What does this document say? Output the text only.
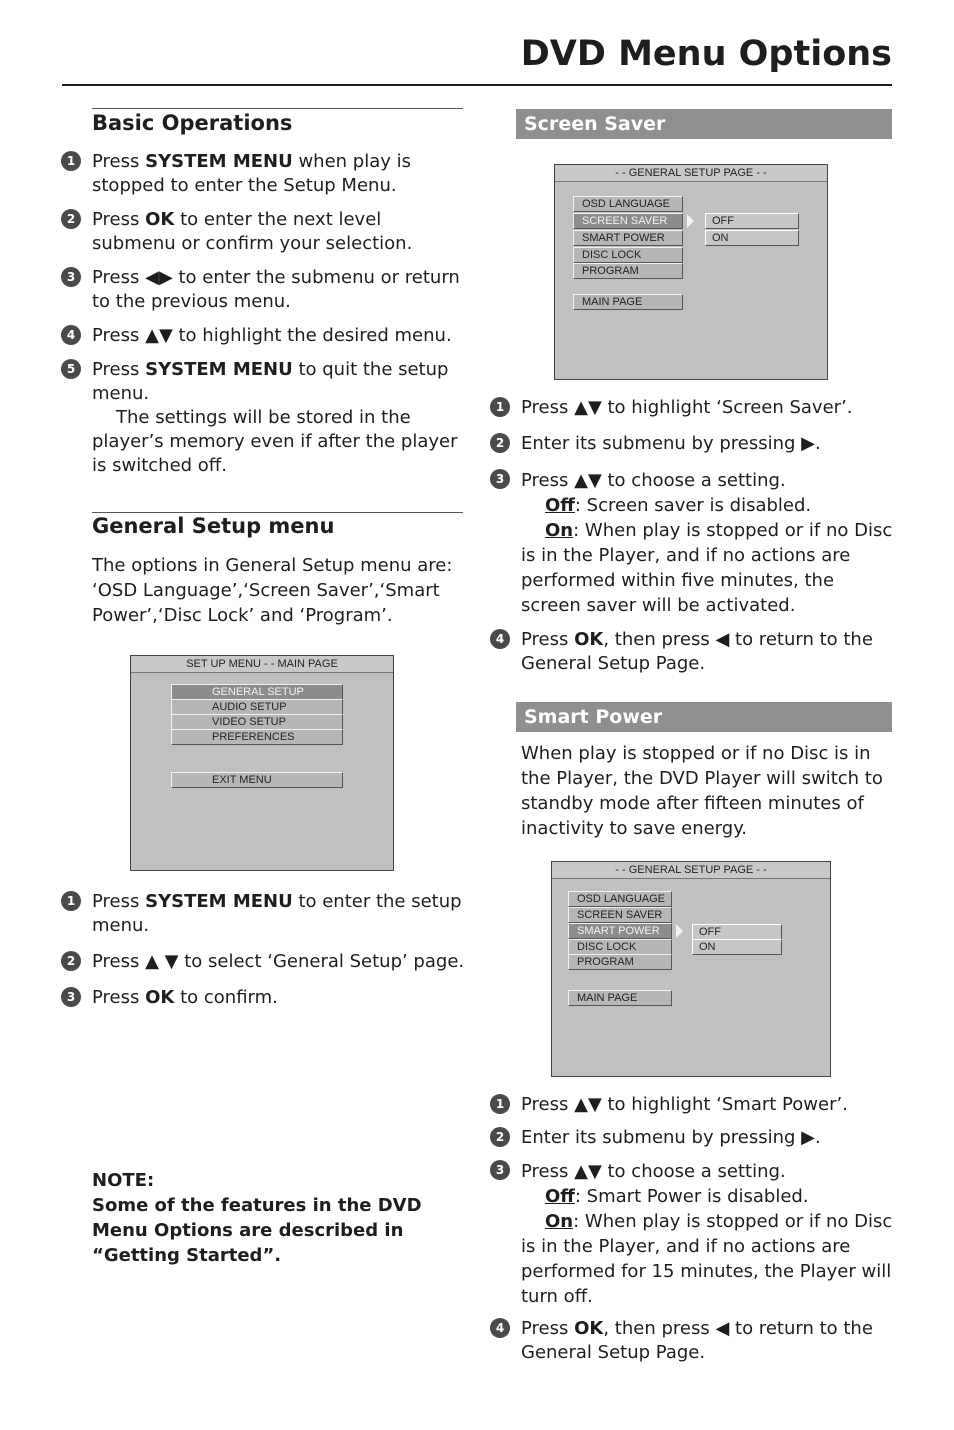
DVD Menu Options
Basic Operations
1 Press SYSTEM MENU when play is stopped to enter the Setup Menu.

2 Press OK to enter the next level submenu or confirm your selection.

3 Press ◀▶ to enter the submenu or return to the previous menu.

4 Press ▲▼ to highlight the desired menu.

5 Press SYSTEM MENU to quit the setup menu.

The settings will be stored in the player’s memory even if after the player is switched off.

General Setup menu

The options in General Setup menu are: ‘OSD Language’,‘Screen Saver’,‘Smart Power’,‘Disc Lock’ and ‘Program’.

SET UP MENU - - MAIN PAGE
GENERAL SETUP
AUDIO SETUP
VIDEO SETUP
PREFERENCES
EXIT MENU
1 Press SYSTEM MENU to enter the setup menu.

2 Press ▲ ▼ to select ‘General Setup’ page.

3 Press OK to confirm.

NOTE:

Some of the features in the DVD Menu Options are described in “Getting Started”.

Screen Saver
- - GENERAL SETUP PAGE - -
OSD LANGUAGE
SCREEN SAVER
SMART POWER
DISC LOCK
PROGRAM
MAIN PAGE
OFF
ON
1 Press ▲▼ to highlight ‘Screen Saver’.

2 Enter its submenu by pressing ▶.

3 Press ▲▼ to choose a setting.

Off: Screen saver is disabled.

On: When play is stopped or if no Disc is in the Player, and if no actions are performed within five minutes, the screen saver will be activated.

4 Press OK, then press ◀ to return to the General Setup Page.

Smart Power

When play is stopped or if no Disc is in the Player, the DVD Player will switch to standby mode after fifteen minutes of inactivity to save energy.

- - GENERAL SETUP PAGE - -
OSD LANGUAGE
SCREEN SAVER
SMART POWER
DISC LOCK
PROGRAM
MAIN PAGE
OFF
ON
1 Press ▲▼ to highlight ‘Smart Power’.

2 Enter its submenu by pressing ▶.

3 Press ▲▼ to choose a setting.

Off: Smart Power is disabled.

On: When play is stopped or if no Disc is in the Player, and if no actions are performed for 15 minutes, the Player will turn off.

4 Press OK, then press ◀ to return to the General Setup Page.
